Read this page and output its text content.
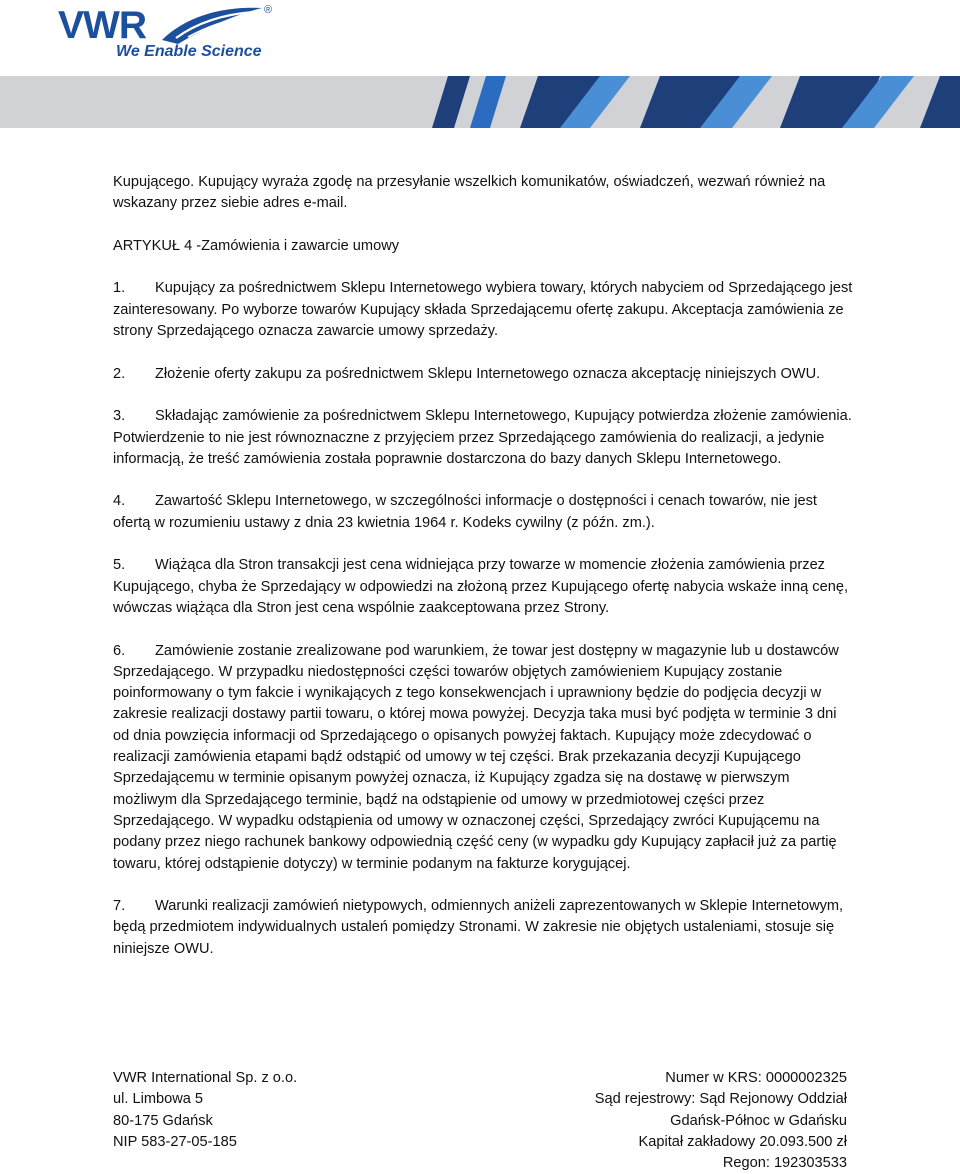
VWR	®
We Enable Science

Kupującego. Kupujący wyraża zgodę na przesyłanie wszelkich komunikatów, oświadczeń, wezwań również na wskazany przez siebie adres e-mail.

ARTYKUŁ 4 -Zamówienia i zawarcie umowy

1. Kupujący za pośrednictwem Sklepu Internetowego wybiera towary, których nabyciem od Sprzedającego jest zainteresowany. Po wyborze towarów Kupujący składa Sprzedającemu ofertę zakupu. Akceptacja zamówienia ze strony Sprzedającego oznacza zawarcie umowy sprzedaży.

2. Złożenie oferty zakupu za pośrednictwem Sklepu Internetowego oznacza akceptację niniejszych OWU.

3. Składając zamówienie za pośrednictwem Sklepu Internetowego, Kupujący potwierdza złożenie zamówienia. Potwierdzenie to nie jest równoznaczne z przyjęciem przez Sprzedającego zamówienia do realizacji, a jedynie informacją, że treść zamówienia została poprawnie dostarczona do bazy danych Sklepu Internetowego.

4. Zawartość Sklepu Internetowego, w szczególności informacje o dostępności i cenach towarów, nie jest ofertą w rozumieniu ustawy z dnia 23 kwietnia 1964 r. Kodeks cywilny (z późn. zm.).

5. Wiążąca dla Stron transakcji jest cena widniejąca przy towarze w momencie złożenia zamówienia przez Kupującego, chyba że Sprzedający w odpowiedzi na złożoną przez Kupującego ofertę nabycia wskaże inną cenę, wówczas wiążąca dla Stron jest cena wspólnie zaakceptowana przez Strony.

6. Zamówienie zostanie zrealizowane pod warunkiem, że towar jest dostępny w magazynie lub u dostawców Sprzedającego. W przypadku niedostępności części towarów objętych zamówieniem Kupujący zostanie poinformowany o tym fakcie i wynikających z tego konsekwencjach i uprawniony będzie do podjęcia decyzji w zakresie realizacji dostawy partii towaru, o której mowa powyżej. Decyzja taka musi być podjęta w terminie 3 dni od dnia powzięcia informacji od Sprzedającego o opisanych powyżej faktach. Kupujący może zdecydować o realizacji zamówienia etapami bądź odstąpić od umowy w tej części. Brak przekazania decyzji Kupującego Sprzedającemu w terminie opisanym powyżej oznacza, iż Kupujący zgadza się na dostawę w pierwszym możliwym dla Sprzedającego terminie, bądź na odstąpienie od umowy w przedmiotowej części przez Sprzedającego. W wypadku odstąpienia od umowy w oznaczonej części, Sprzedający zwróci Kupującemu na podany przez niego rachunek bankowy odpowiednią część ceny (w wypadku gdy Kupujący zapłacił już za partię towaru, której odstąpienie dotyczy) w terminie podanym na fakturze korygującej.

7. Warunki realizacji zamówień nietypowych, odmiennych aniżeli zaprezentowanych w Sklepie Internetowym, będą przedmiotem indywidualnych ustaleń pomiędzy Stronami. W zakresie nie objętych ustaleniami, stosuje się niniejsze OWU.

VWR International Sp. z o.o.
ul. Limbowa 5
80-175 Gdańsk
NIP 583-27-05-185
Numer w KRS: 0000002325
Sąd rejestrowy: Sąd Rejonowy Oddział
Gdańsk-Północ w Gdańsku
Kapitał zakładowy 20.093.500 zł
Regon: 192303533
